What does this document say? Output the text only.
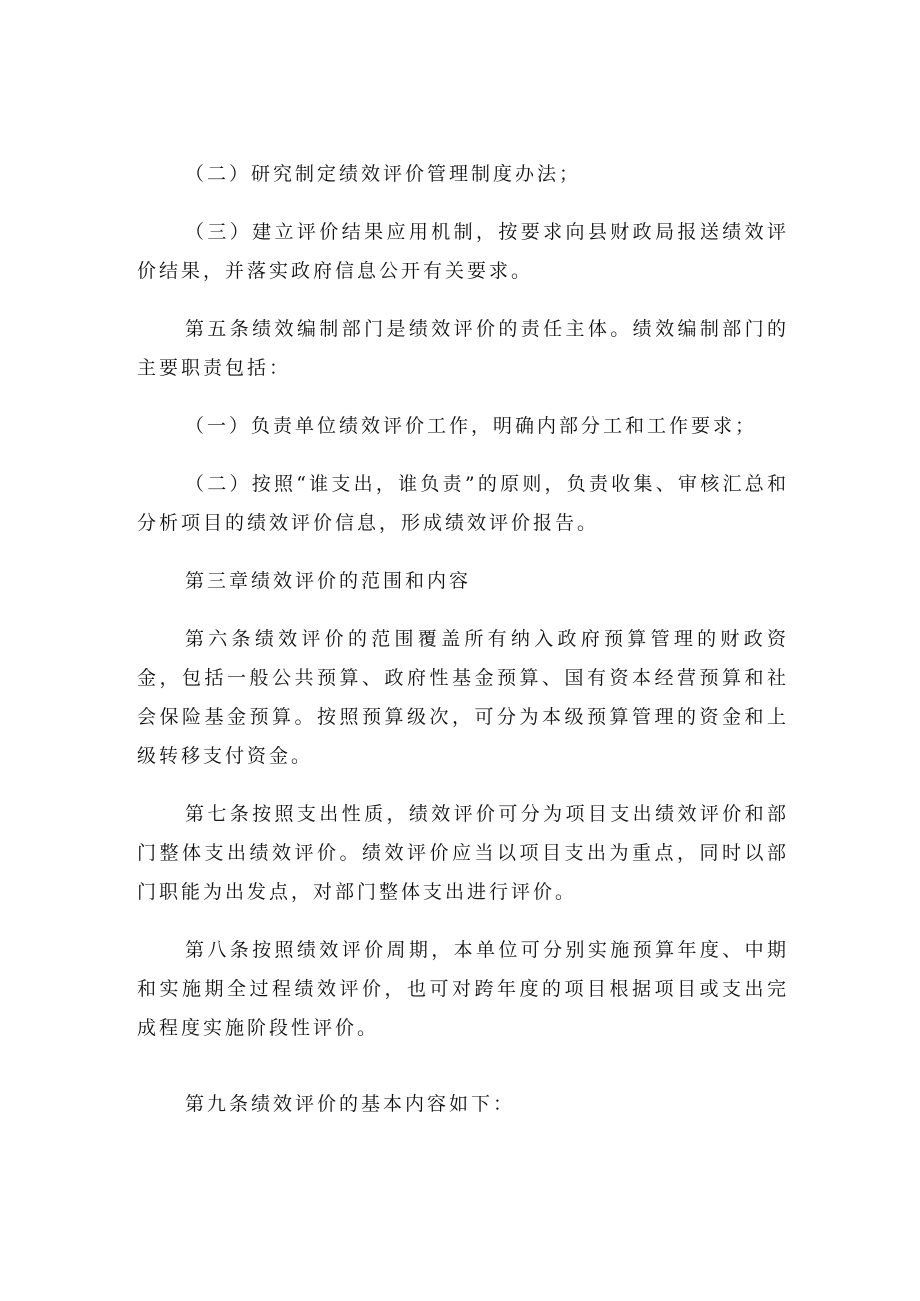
（二）研究制定绩效评价管理制度办法；

（三）建立评价结果应用机制，按要求向县财政局报送绩效评价结果，并落实政府信息公开有关要求。

第五条绩效编制部门是绩效评价的责任主体。绩效编制部门的主要职责包括：

（一）负责单位绩效评价工作，明确内部分工和工作要求；

（二）按照“谁支出，谁负责”的原则，负责收集、审核汇总和分析项目的绩效评价信息，形成绩效评价报告。

第三章绩效评价的范围和内容

第六条绩效评价的范围覆盖所有纳入政府预算管理的财政资金，包括一般公共预算、政府性基金预算、国有资本经营预算和社会保险基金预算。按照预算级次，可分为本级预算管理的资金和上级转移支付资金。

第七条按照支出性质，绩效评价可分为项目支出绩效评价和部门整体支出绩效评价。绩效评价应当以项目支出为重点，同时以部门职能为出发点，对部门整体支出进行评价。

第八条按照绩效评价周期，本单位可分别实施预算年度、中期和实施期全过程绩效评价，也可对跨年度的项目根据项目或支出完成程度实施阶段性评价。

第九条绩效评价的基本内容如下：
